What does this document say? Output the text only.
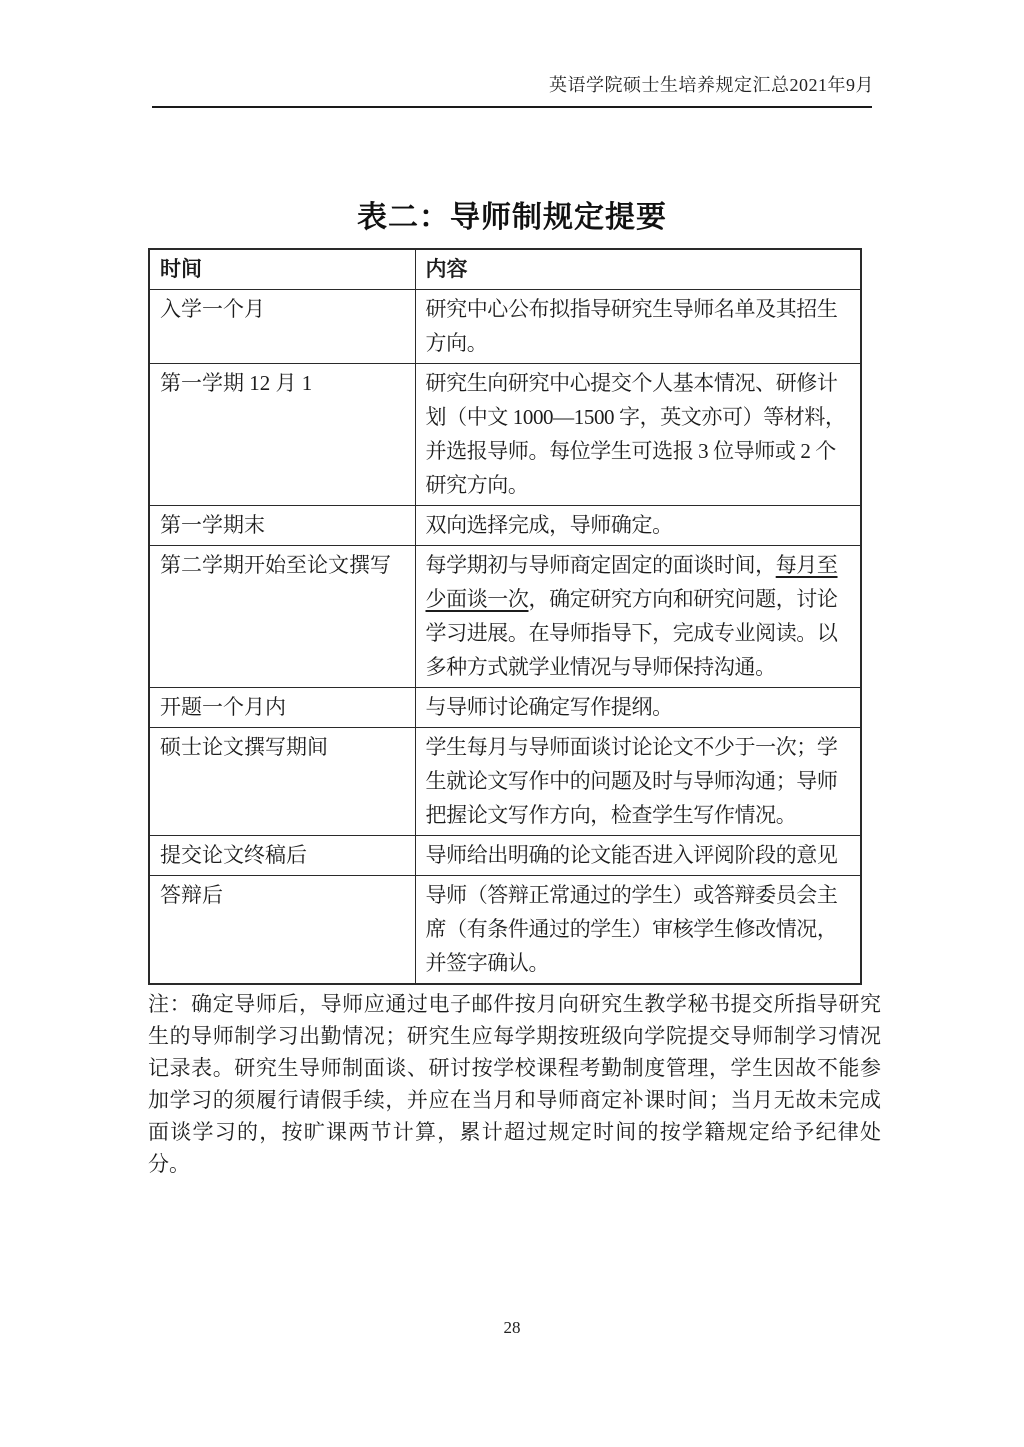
英语学院硕士生培养规定汇总2021年9月
表二：导师制规定提要
时间	内容
入学一个月	研究中心公布拟指导研究生导师名单及其招生方向。
第一学期 12 月 1	研究生向研究中心提交个人基本情况、研修计划（中文 1000—1500 字，英文亦可）等材料，并选报导师。每位学生可选报 3 位导师或 2 个研究方向。
第一学期末	双向选择完成，导师确定。
第二学期开始至论文撰写	每学期初与导师商定固定的面谈时间，每月至少面谈一次，确定研究方向和研究问题，讨论学习进展。在导师指导下，完成专业阅读。以多种方式就学业情况与导师保持沟通。
开题一个月内	与导师讨论确定写作提纲。
硕士论文撰写期间	学生每月与导师面谈讨论论文不少于一次；学生就论文写作中的问题及时与导师沟通；导师把握论文写作方向，检查学生写作情况。
提交论文终稿后	导师给出明确的论文能否进入评阅阶段的意见
答辩后	导师（答辩正常通过的学生）或答辩委员会主席（有条件通过的学生）审核学生修改情况，并签字确认。

注：确定导师后，导师应通过电子邮件按月向研究生教学秘书提交所指导研究生的导师制学习出勤情况；研究生应每学期按班级向学院提交导师制学习情况记录表。研究生导师制面谈、研讨按学校课程考勤制度管理，学生因故不能参加学习的须履行请假手续，并应在当月和导师商定补课时间；当月无故未完成面谈学习的，按旷课两节计算，累计超过规定时间的按学籍规定给予纪律处分。

28
